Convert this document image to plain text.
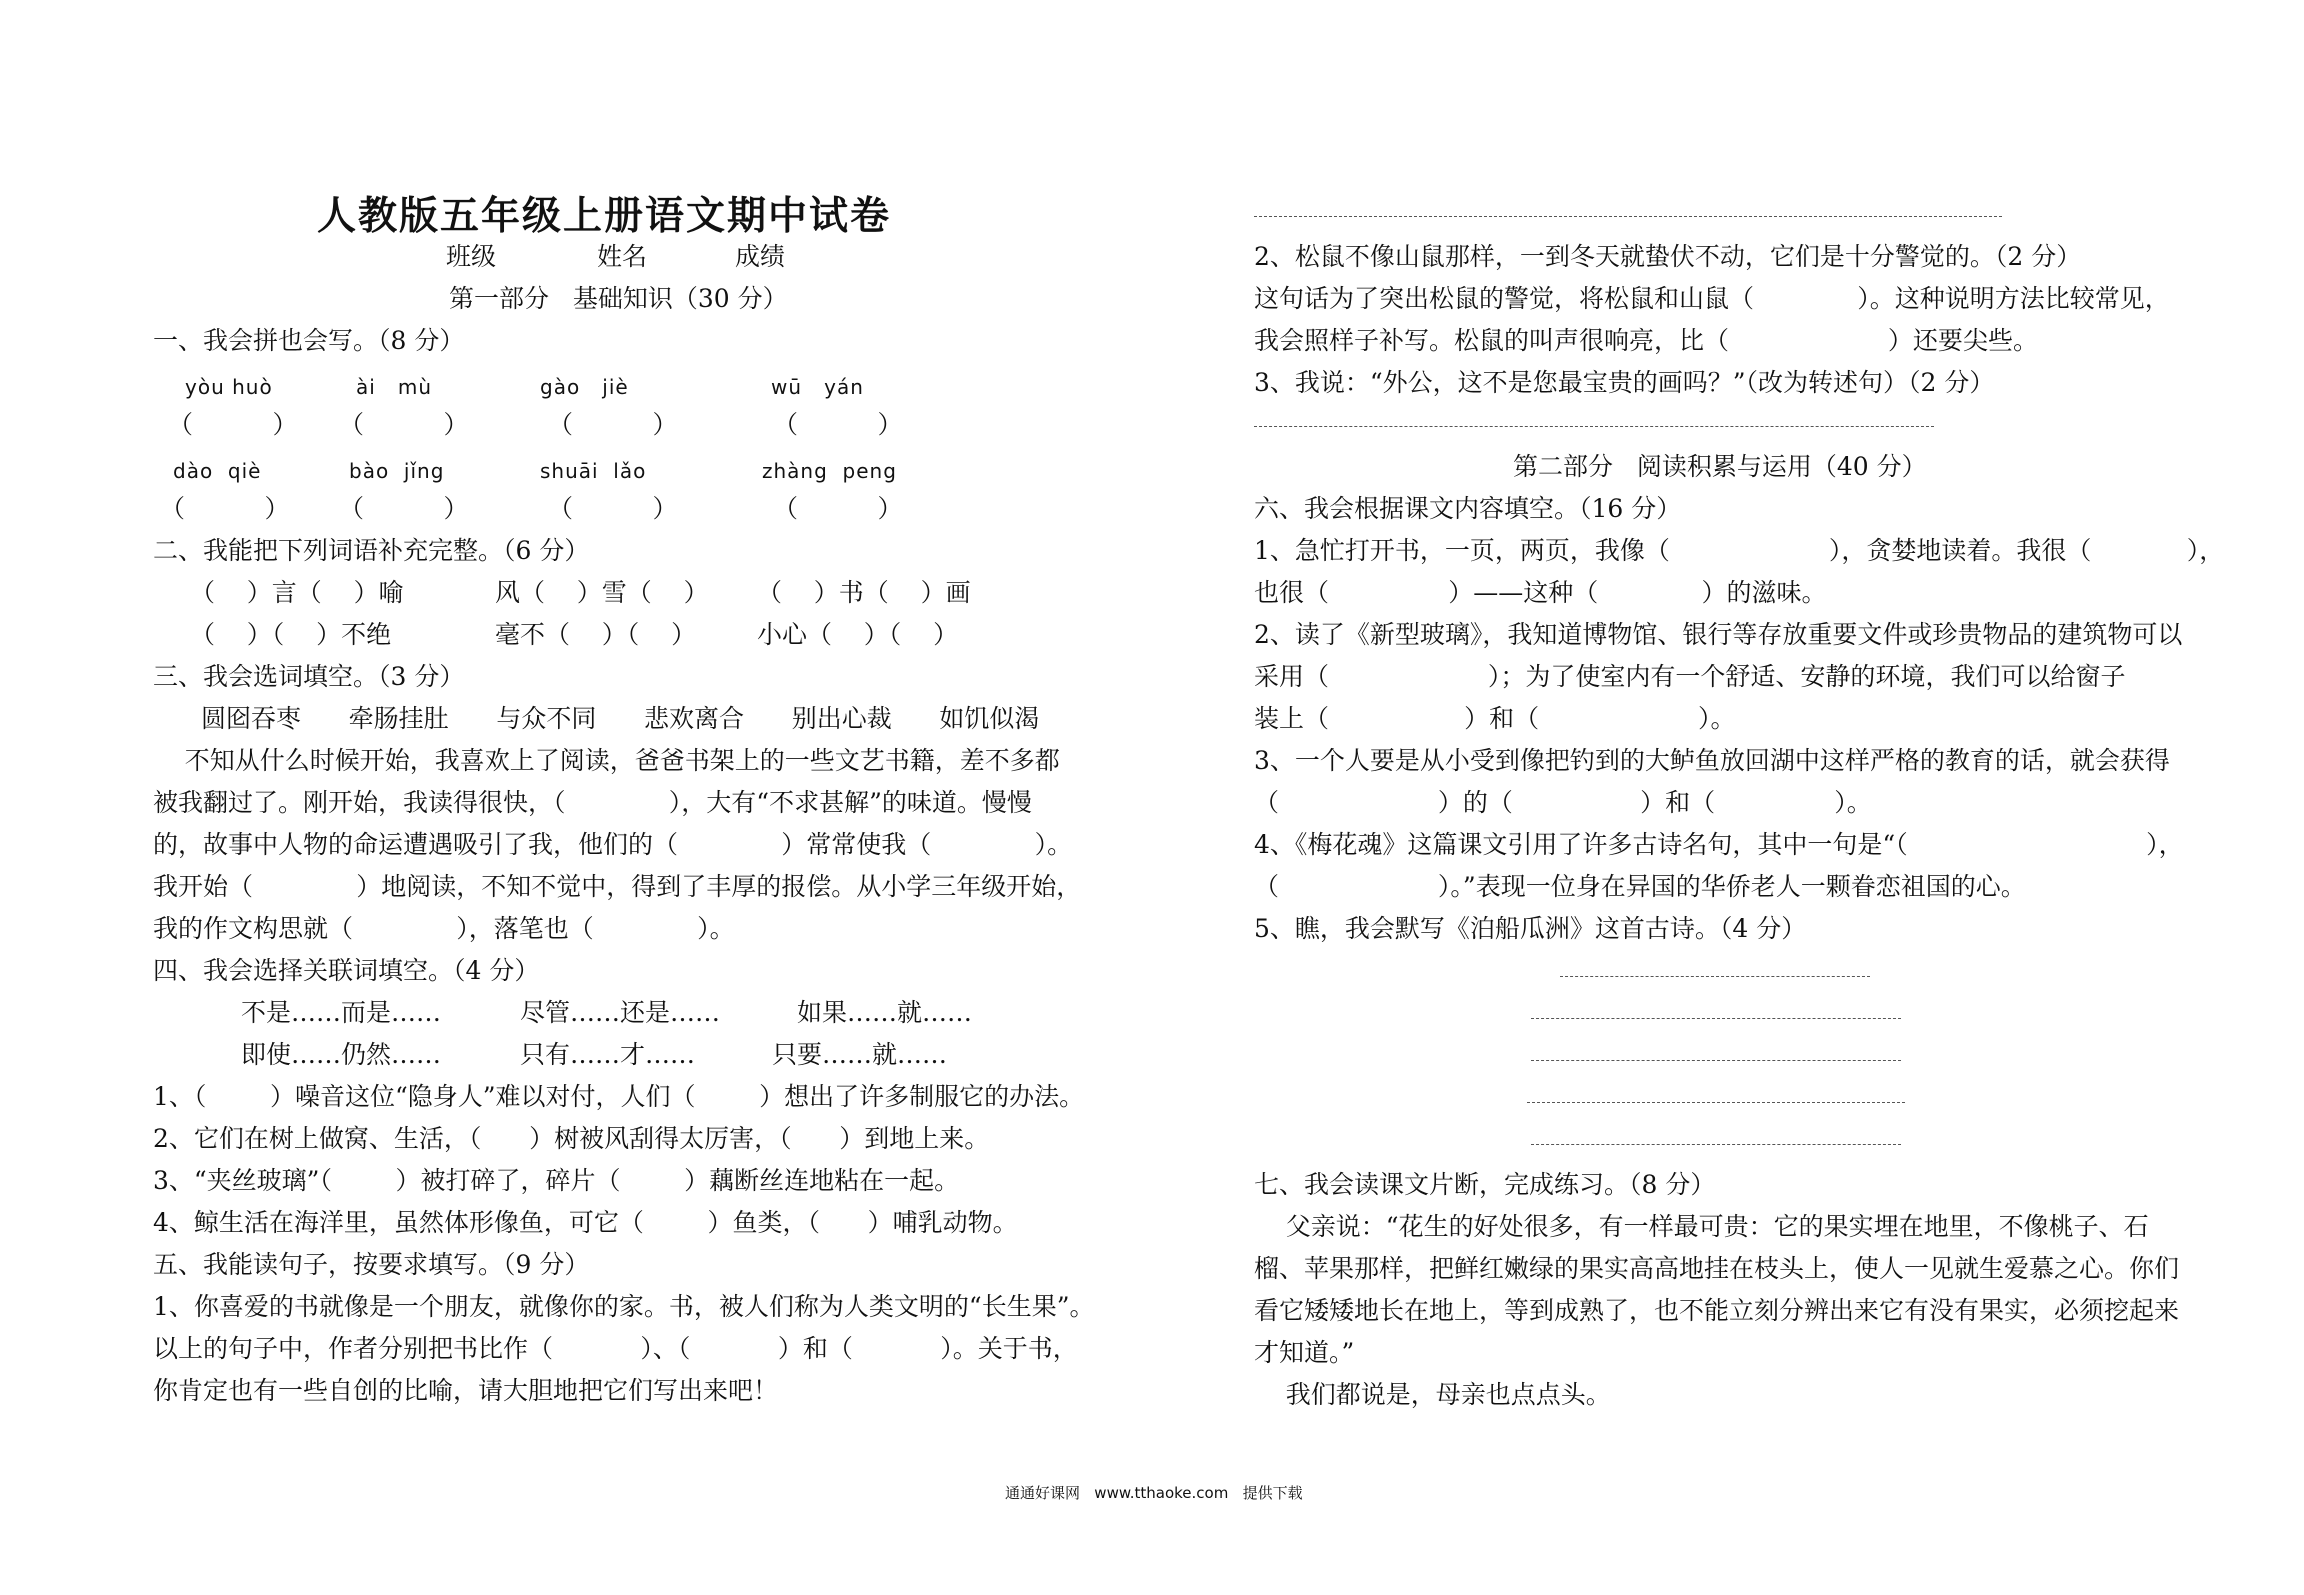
人教版五年级上册语文期中试卷
班级	姓名	成绩
第一部分   基础知识（30 分）
一、我会拼也会写。（8 分）
yòu huò	ài   mù	gào   jiè	wū   yán
（          ） （          ）	（          ）	（          ）
dào  qiè	bào  jǐng	shuāi  lǎo	zhàng  peng
（          ） （          ）	（          ）	（          ）
二、我能把下列词语补充完整。（6 分）
（    ）言（    ）喻	风（    ）雪（    ） （    ）书（    ）画
（    ）（    ）不绝	毫不（    ）（    ） 小心（    ）（    ）
三、我会选词填空。（3 分）
圆囵吞枣      牵肠挂肚      与众不同      悲欢离合      别出心裁      如饥似渴
不知从什么时候开始，我喜欢上了阅读，爸爸书架上的一些文艺书籍，差不多都
被我翻过了。刚开始，我读得很快，（             ），大有“不求甚解”的味道。慢慢
的，故事中人物的命运遭遇吸引了我，他们的（             ）常常使我（             ）。
我开始（             ）地阅读，不知不觉中，得到了丰厚的报偿。从小学三年级开始，
我的作文构思就（             ），落笔也（             ）。
四、我会选择关联词填空。（4 分）
不是……而是……	尽管……还是……	如果……就……
即使……仍然……	只有……才……	只要……就……
1、（        ）噪音这位“隐身人”难以对付，人们（        ）想出了许多制服它的办法。
2、它们在树上做窝、生活，（      ）树被风刮得太厉害，（      ）到地上来。
3、“夹丝玻璃”（        ）被打碎了，碎片（        ）藕断丝连地粘在一起。
4、鲸生活在海洋里，虽然体形像鱼，可它（        ）鱼类，（      ）哺乳动物。
五、我能读句子，按要求填写。（9 分）
1、你喜爱的书就像是一个朋友，就像你的家。书，被人们称为人类文明的“长生果”。
以上的句子中，作者分别把书比作（           ）、（           ）和（           ）。关于书，
你肯定也有一些自创的比喻，请大胆地把它们写出来吧！
2、松鼠不像山鼠那样，一到冬天就蛰伏不动，它们是十分警觉的。（2 分）
这句话为了突出松鼠的警觉，将松鼠和山鼠（             ）。这种说明方法比较常见，
我会照样子补写。松鼠的叫声很响亮，比（                    ）还要尖些。
3、我说：“外公，这不是您最宝贵的画吗？”（改为转述句）（2 分）
第二部分   阅读积累与运用（40 分）
六、我会根据课文内容填空。（16 分）
1、急忙打开书，一页，两页，我像（                    ），贪婪地读着。我很（            ），
也很（               ）——这种（             ）的滋味。
2、读了《新型玻璃》，我知道博物馆、银行等存放重要文件或珍贵物品的建筑物可以
采用（                    ）；为了使室内有一个舒适、安静的环境，我们可以给窗子
装上（                 ）和（                    ）。
3、一个人要是从小受到像把钓到的大鲈鱼放回湖中这样严格的教育的话，就会获得
（                    ）的（                ）和（               ）。
4、《梅花魂》这篇课文引用了许多古诗名句，其中一句是“（                              ），
（                    ）。”表现一位身在异国的华侨老人一颗眷恋祖国的心。
5、瞧，我会默写《泊船瓜洲》这首古诗。（4 分）
七、我会读课文片断，完成练习。（8 分）
父亲说：“花生的好处很多，有一样最可贵：它的果实埋在地里，不像桃子、石
榴、苹果那样，把鲜红嫩绿的果实高高地挂在枝头上，使人一见就生爱慕之心。你们
看它矮矮地长在地上，等到成熟了，也不能立刻分辨出来它有没有果实，必须挖起来
才知道。”
我们都说是，母亲也点点头。
通通好课网   www.tthaoke.com   提供下载
